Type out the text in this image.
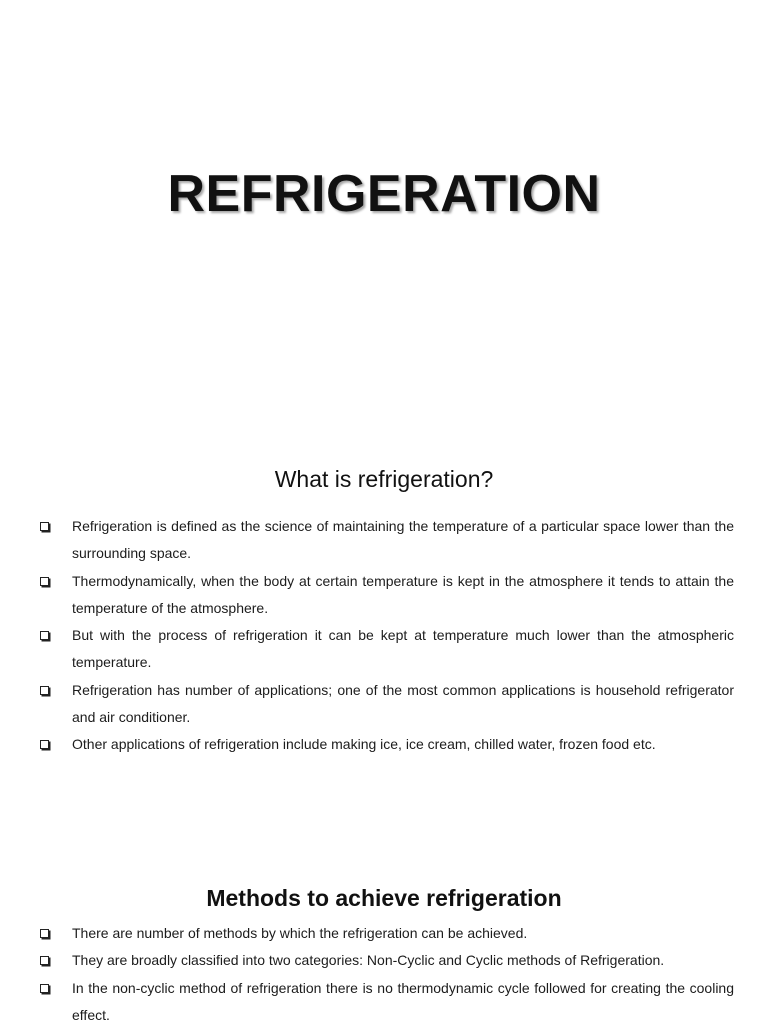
REFRIGERATION
What is refrigeration?
Refrigeration is defined as the science of maintaining the temperature of a particular space lower than the surrounding space.
Thermodynamically, when the body at certain temperature is kept in the atmosphere it tends to attain the temperature of the atmosphere.
But with the process of refrigeration it can be kept at temperature much lower than the atmospheric temperature.
Refrigeration has number of applications; one of the most common applications is household refrigerator and air conditioner.
Other applications of refrigeration include making ice, ice cream, chilled water, frozen food etc.
Methods to achieve refrigeration
There are number of methods by which the refrigeration can be achieved.
They are broadly classified into two categories: Non-Cyclic and Cyclic methods of Refrigeration.
In the non-cyclic method of refrigeration there is no thermodynamic cycle followed for creating the cooling effect.
